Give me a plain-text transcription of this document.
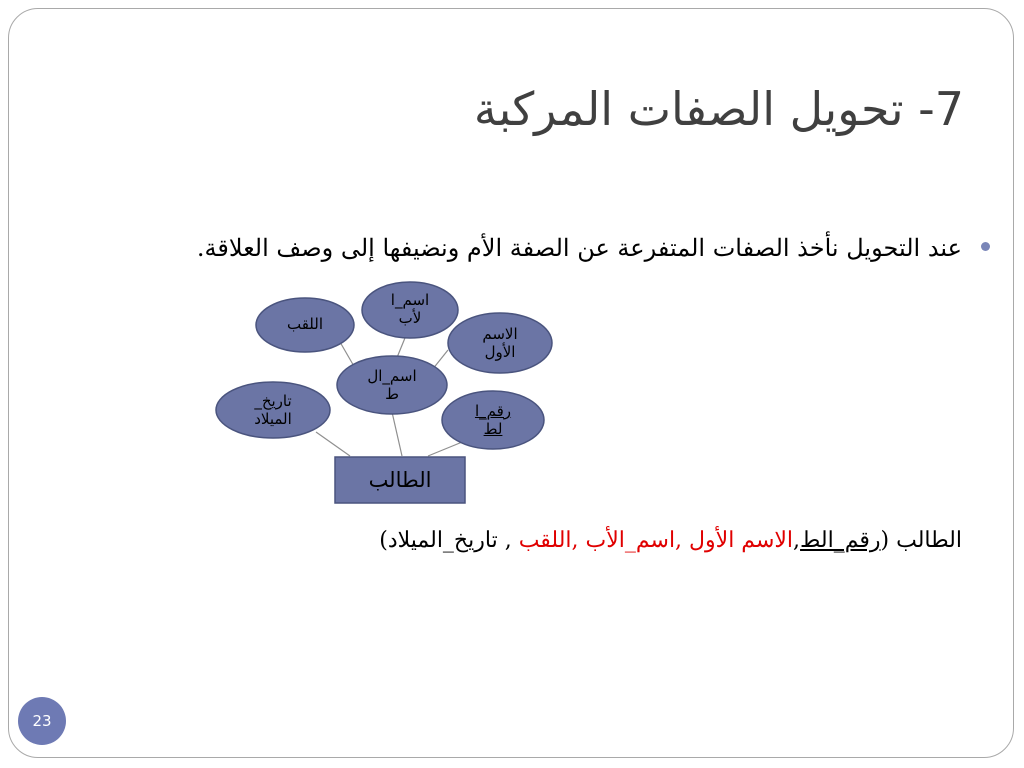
7- تحويل الصفات المركبة
عند التحويل نأخذ الصفات المتفرعة عن الصفة الأم ونضيفها إلى وصف العلاقة.
اللقب
اسم_ا
لأب
الاسم
الأول
اسم_ال
ط
تاريخ_
الميلاد	رقم_ا
لط
الطالب
الطالب (رقم_الط,الاسم الأول ,اسم_الأب ,اللقب , تاريخ_الميلاد)
23
